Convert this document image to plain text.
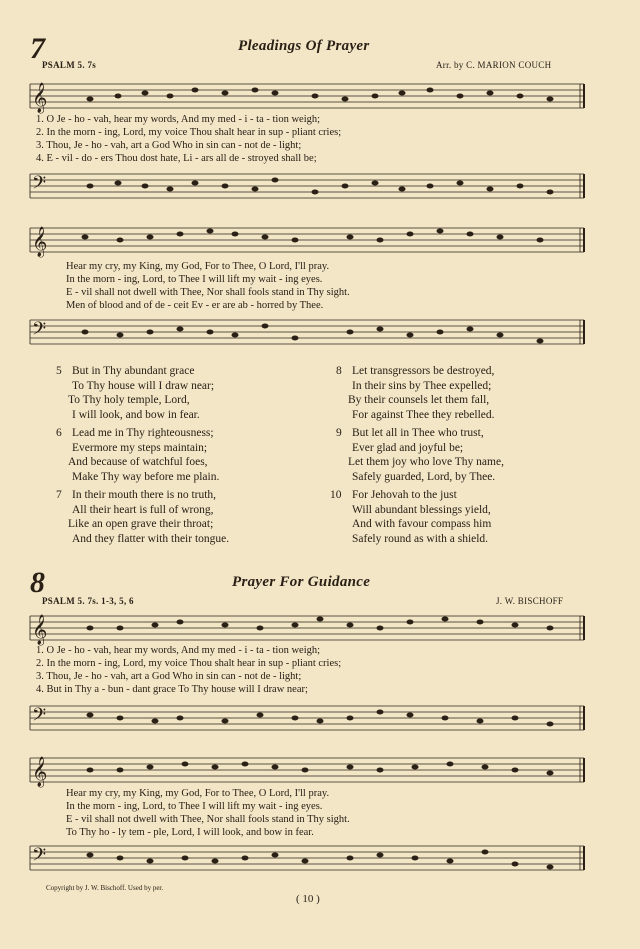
7	Pleadings Of Prayer
PSALM 5. 7s	Arr. by C. MARION COUCH
𝄞
1. O Je - ho - vah, hear my words, And my med - i - ta - tion weigh;
2. In the morn - ing, Lord, my voice Thou shalt hear in sup - pliant cries;
3. Thou, Je - ho - vah, art a God Who in sin can - not de - light;
4. E - vil - do - ers Thou dost hate, Li - ars all de - stroyed shall be;
𝄢
𝄞
Hear my cry, my King, my God, For to Thee, O Lord, I'll pray.
In the morn - ing, Lord, to Thee I will lift my wait - ing eyes.
E - vil shall not dwell with Thee, Nor shall fools stand in Thy sight.
Men of blood and of de - ceit Ev - er are ab - horred by Thee.
𝄢
5 But in Thy abundant grace
To Thy house will I draw near;
To Thy holy temple, Lord,
I will look, and bow in fear.
6 Lead me in Thy righteousness;
Evermore my steps maintain;
And because of watchful foes,
Make Thy way before me plain.
7 In their mouth there is no truth,
All their heart is full of wrong,
Like an open grave their throat;
And they flatter with their tongue.
8 Let transgressors be destroyed,
In their sins by Thee expelled;
By their counsels let them fall,
For against Thee they rebelled.
9 But let all in Thee who trust,
Ever glad and joyful be;
Let them joy who love Thy name,
Safely guarded, Lord, by Thee.
10 For Jehovah to the just
Will abundant blessings yield,
And with favour compass him
Safely round as with a shield.
8	Prayer For Guidance
PSALM 5. 7s. 1-3, 5, 6	J. W. BISCHOFF
𝄞
1. O Je - ho - vah, hear my words, And my med - i - ta - tion weigh;
2. In the morn - ing, Lord, my voice Thou shalt hear in sup - pliant cries;
3. Thou, Je - ho - vah, art a God Who in sin can - not de - light;
4. But in Thy a - bun - dant grace To Thy house will I draw near;
𝄢
𝄞
Hear my cry, my King, my God, For to Thee, O Lord, I'll pray.
In the morn - ing, Lord, to Thee I will lift my wait - ing eyes.
E - vil shall not dwell with Thee, Nor shall fools stand in Thy sight.
To Thy ho - ly tem - ple, Lord, I will look, and bow in fear.
𝄢
Copyright by J. W. Bischoff. Used by per.
( 10 )
